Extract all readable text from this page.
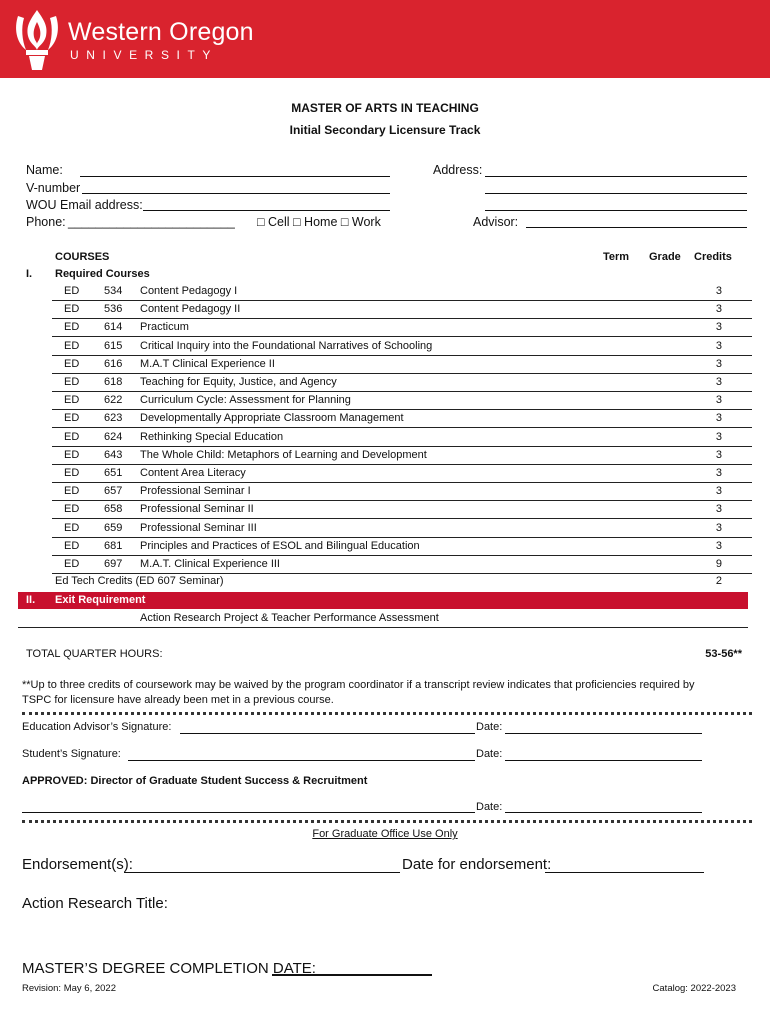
Western Oregon
UNIVERSITY
MASTER OF ARTS IN TEACHING
Initial Secondary Licensure Track
Name:
V-number
WOU Email address:
Phone: ________________________ □ Cell □ Home □ Work
Address:
Advisor:
COURSES	Term Grade Credits
I. Required Courses
ED 534 Content Pedagogy I	3
ED 536 Content Pedagogy II	3
ED 614 Practicum	3
ED 615 Critical Inquiry into the Foundational Narratives of Schooling	3
ED 616 M.A.T Clinical Experience II	3
ED 618 Teaching for Equity, Justice, and Agency	3
ED 622 Curriculum Cycle: Assessment for Planning	3
ED 623 Developmentally Appropriate Classroom Management	3
ED 624 Rethinking Special Education	3
ED 643 The Whole Child: Metaphors of Learning and Development	3
ED 651 Content Area Literacy	3
ED 657 Professional Seminar I	3
ED 658 Professional Seminar II	3
ED 659 Professional Seminar III	3
ED 681 Principles and Practices of ESOL and Bilingual Education	3
ED 697 M.A.T. Clinical Experience III	9
Ed Tech Credits (ED 607 Seminar)	2
II. Exit Requirement
Action Research Project & Teacher Performance Assessment
TOTAL QUARTER HOURS:	53-56**
**Up to three credits of coursework may be waived by the program coordinator if a transcript review indicates that proficiencies required by
TSPC for licensure have already been met in a previous course.
Education Advisor’s Signature:	Date:
Student’s Signature:	Date:
APPROVED: Director of Graduate Student Success & Recruitment
Date:
For Graduate Office Use Only
Endorsement(s):	Date for endorsement:
Action Research Title:
MASTER’S DEGREE COMPLETION DATE:
Revision: May 6, 2022	Catalog: 2022-2023
